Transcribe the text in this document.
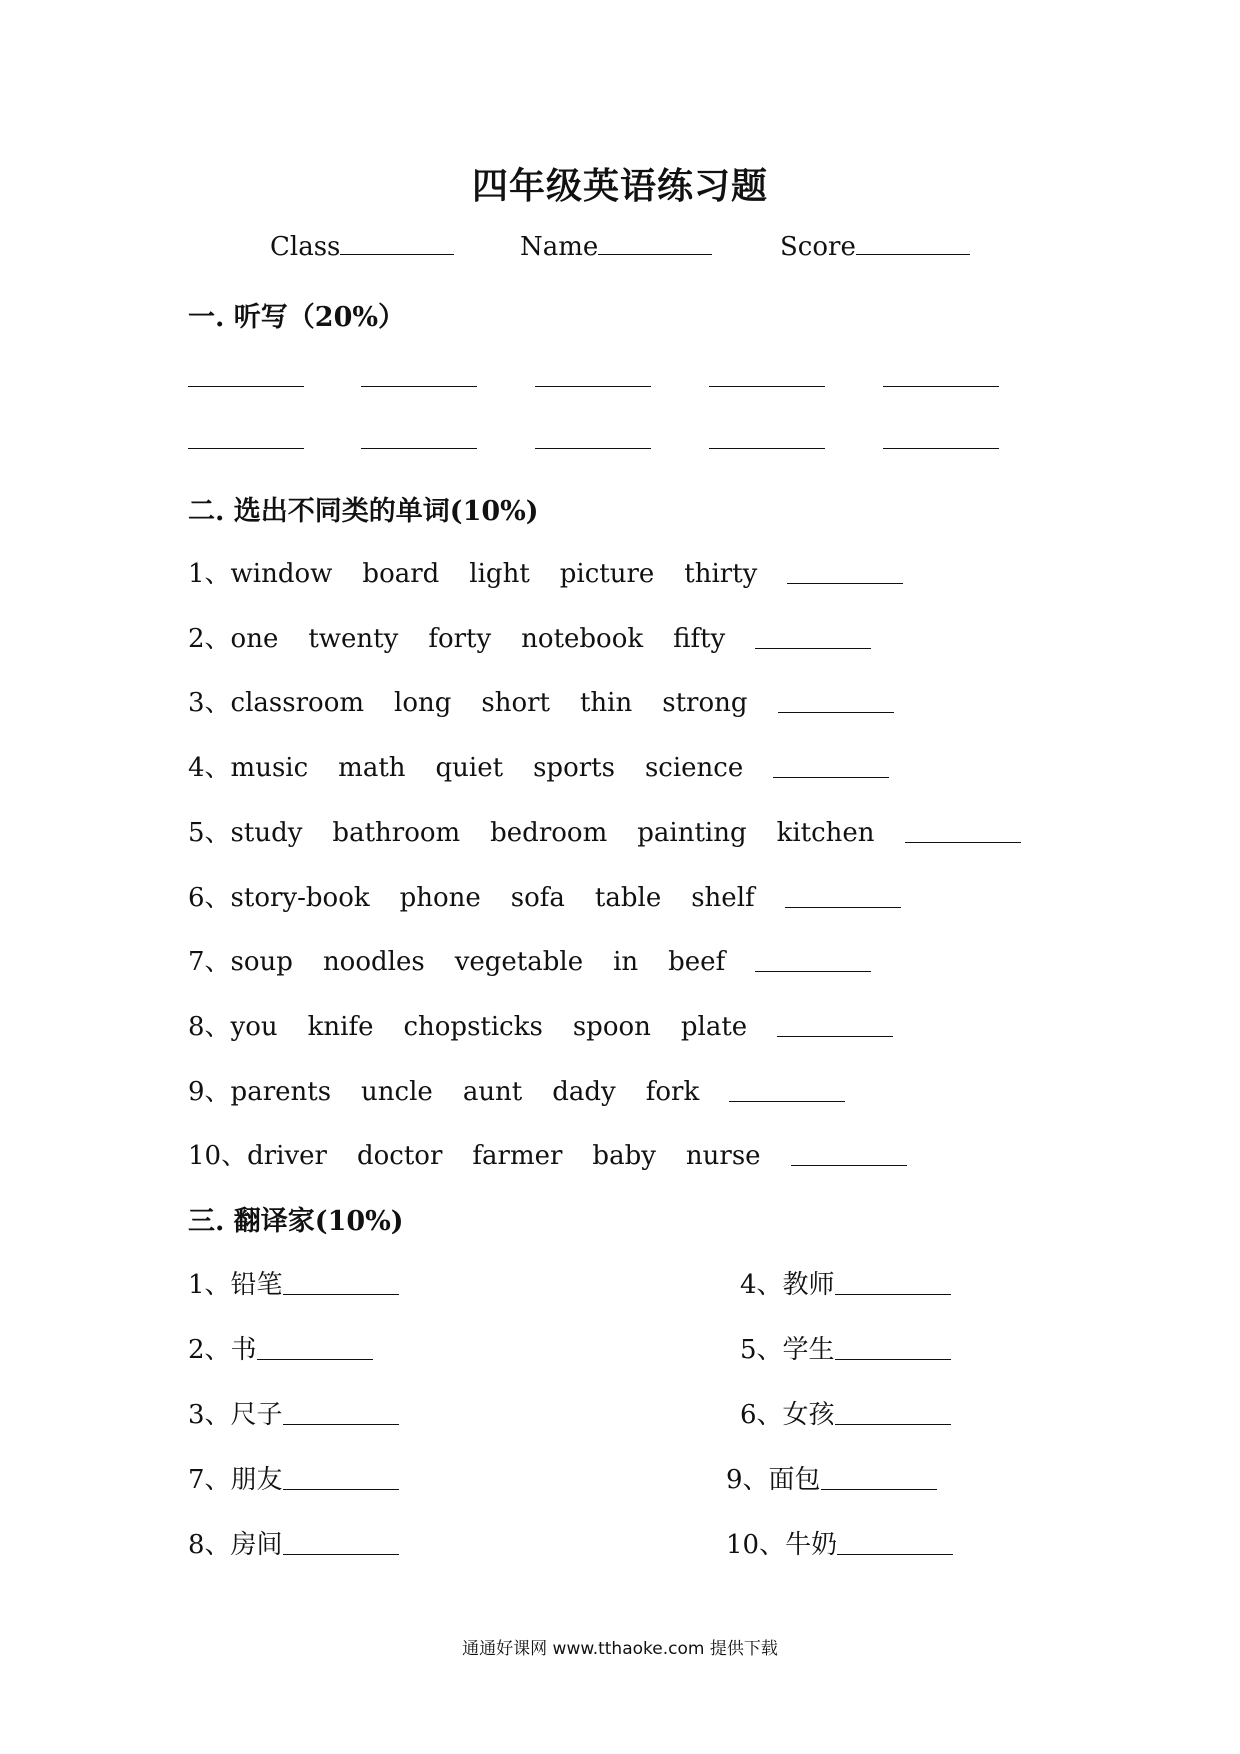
四年级英语练习题
Class	Name	Score
一. 听写（20%）
二. 选出不同类的单词(10%)
1、window board light picture thirty
2、one twenty forty notebook fifty
3、classroom long short thin strong
4、music math quiet sports science
5、study bathroom bedroom painting kitchen
6、story-book phone sofa table shelf
7、soup noodles vegetable in beef
8、you knife chopsticks spoon plate
9、parents uncle aunt dady fork
10、driver doctor farmer baby nurse
三. 翻译家(10%)
1、铅笔	4、教师
2、书	5、学生
3、尺子	6、女孩
7、朋友	9、面包
8、房间	10、牛奶
通通好课网 www.tthaoke.com 提供下载
